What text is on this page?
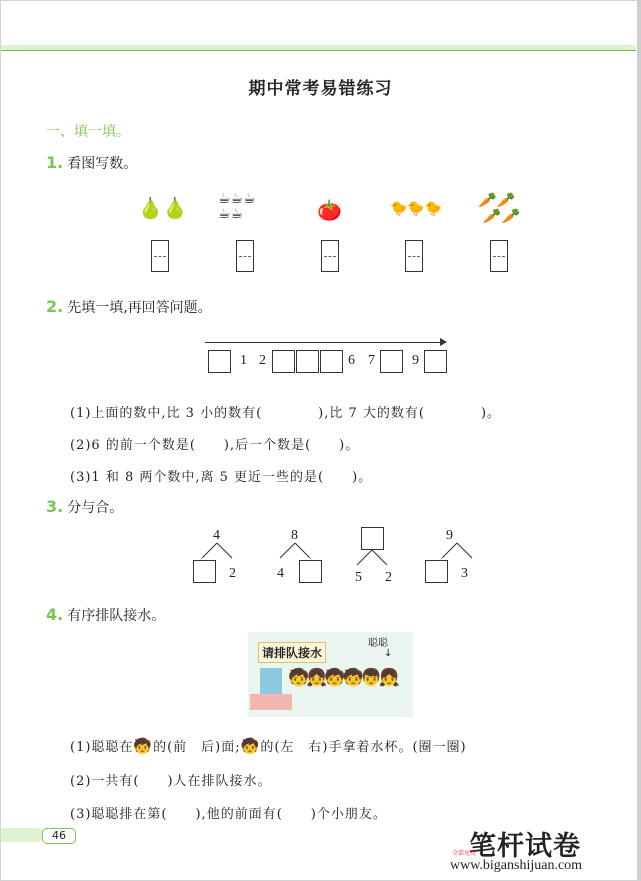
期中常考易错练习
一、填一填。
1. 看图写数。
🍐🍐 ☕☕☕
☕☕	🍅	🐤🐤🐤 🥕🥕
🥕🥕
2. 先填一填,再回答问题。
1 2	6 7	9
(1)上面的数中,比 3 小的数有(　　　　),比 7 大的数有(　　　　)。
(2)6 的前一个数是(　　),后一个数是(　　)。
(3)1 和 8 两个数中,离 5 更近一些的是(　　)。
3. 分与合。
4
2
8
4	5 2
9
3
4. 有序排队接水。
请排队接水
聪聪
↓
🧒👧🧒🧒👦👧
(1)聪聪在 🧒 的(前　后)面; 🧒 的(左　右)手拿着水杯。(圈一圈)
(2)一共有(　　)人在排队接水。
(3)聪聪排在第(　　),他的前面有(　　)个小朋友。
46	笔杆试卷
全部免费
www.biganshijuan.com
